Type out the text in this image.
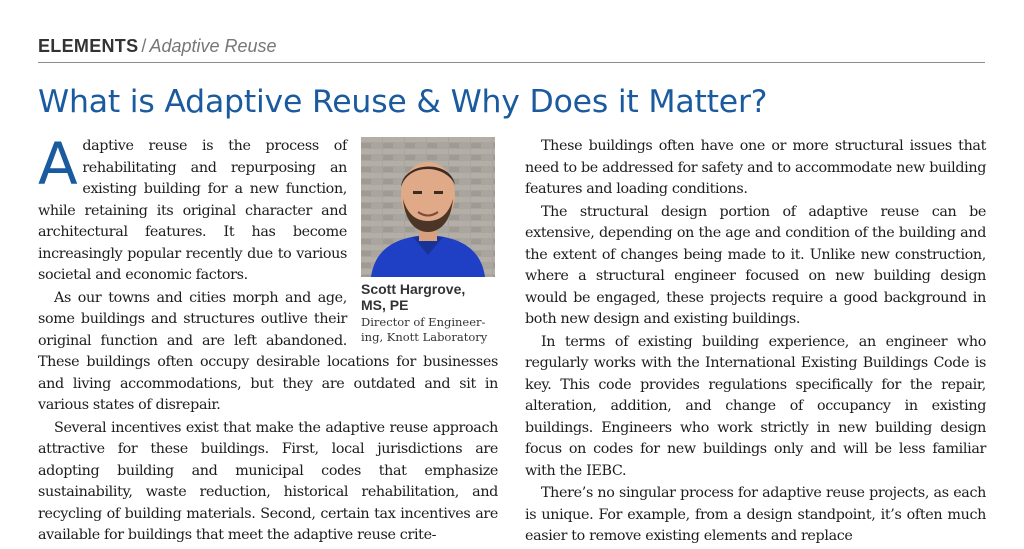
ELEMENTS / Adaptive Reuse
What is Adaptive Reuse & Why Does it Matter?
Scott Hargrove,
MS, PE
Director of Engineer-
ing, Knott Laboratory

Adaptive reuse is the process of rehabilitating and repurposing an existing building for a new function, while retaining its original character and architectural features. It has become increasingly popular recently due to various societal and economic factors.

As our towns and cities morph and age, some buildings and structures outlive their original function and are left abandoned. These buildings often occupy desirable locations for businesses and living accommodations, but they are outdated and sit in various states of disrepair.

Several incentives exist that make the adaptive reuse approach attractive for these buildings. First, local jurisdictions are adopting building and municipal codes that emphasize sustainability, waste reduction, historical rehabilitation, and recycling of building materials. Second, certain tax incentives are available for buildings that meet the adaptive reuse crite-

These buildings often have one or more structural issues that need to be addressed for safety and to accommodate new building features and loading conditions.

The structural design portion of adaptive reuse can be extensive, depending on the age and condition of the building and the extent of changes being made to it. Unlike new construction, where a structural engineer focused on new building design would be engaged, these projects require a good background in both new design and existing buildings.

In terms of existing building experience, an engineer who regularly works with the International Existing Buildings Code is key. This code provides regulations specifically for the repair, alteration, addition, and change of occupancy in existing buildings. Engineers who work strictly in new building design focus on codes for new buildings only and will be less familiar with the IEBC.

There’s no singular process for adaptive reuse projects, as each is unique. For example, from a design standpoint, it’s often much easier to remove existing elements and replace
